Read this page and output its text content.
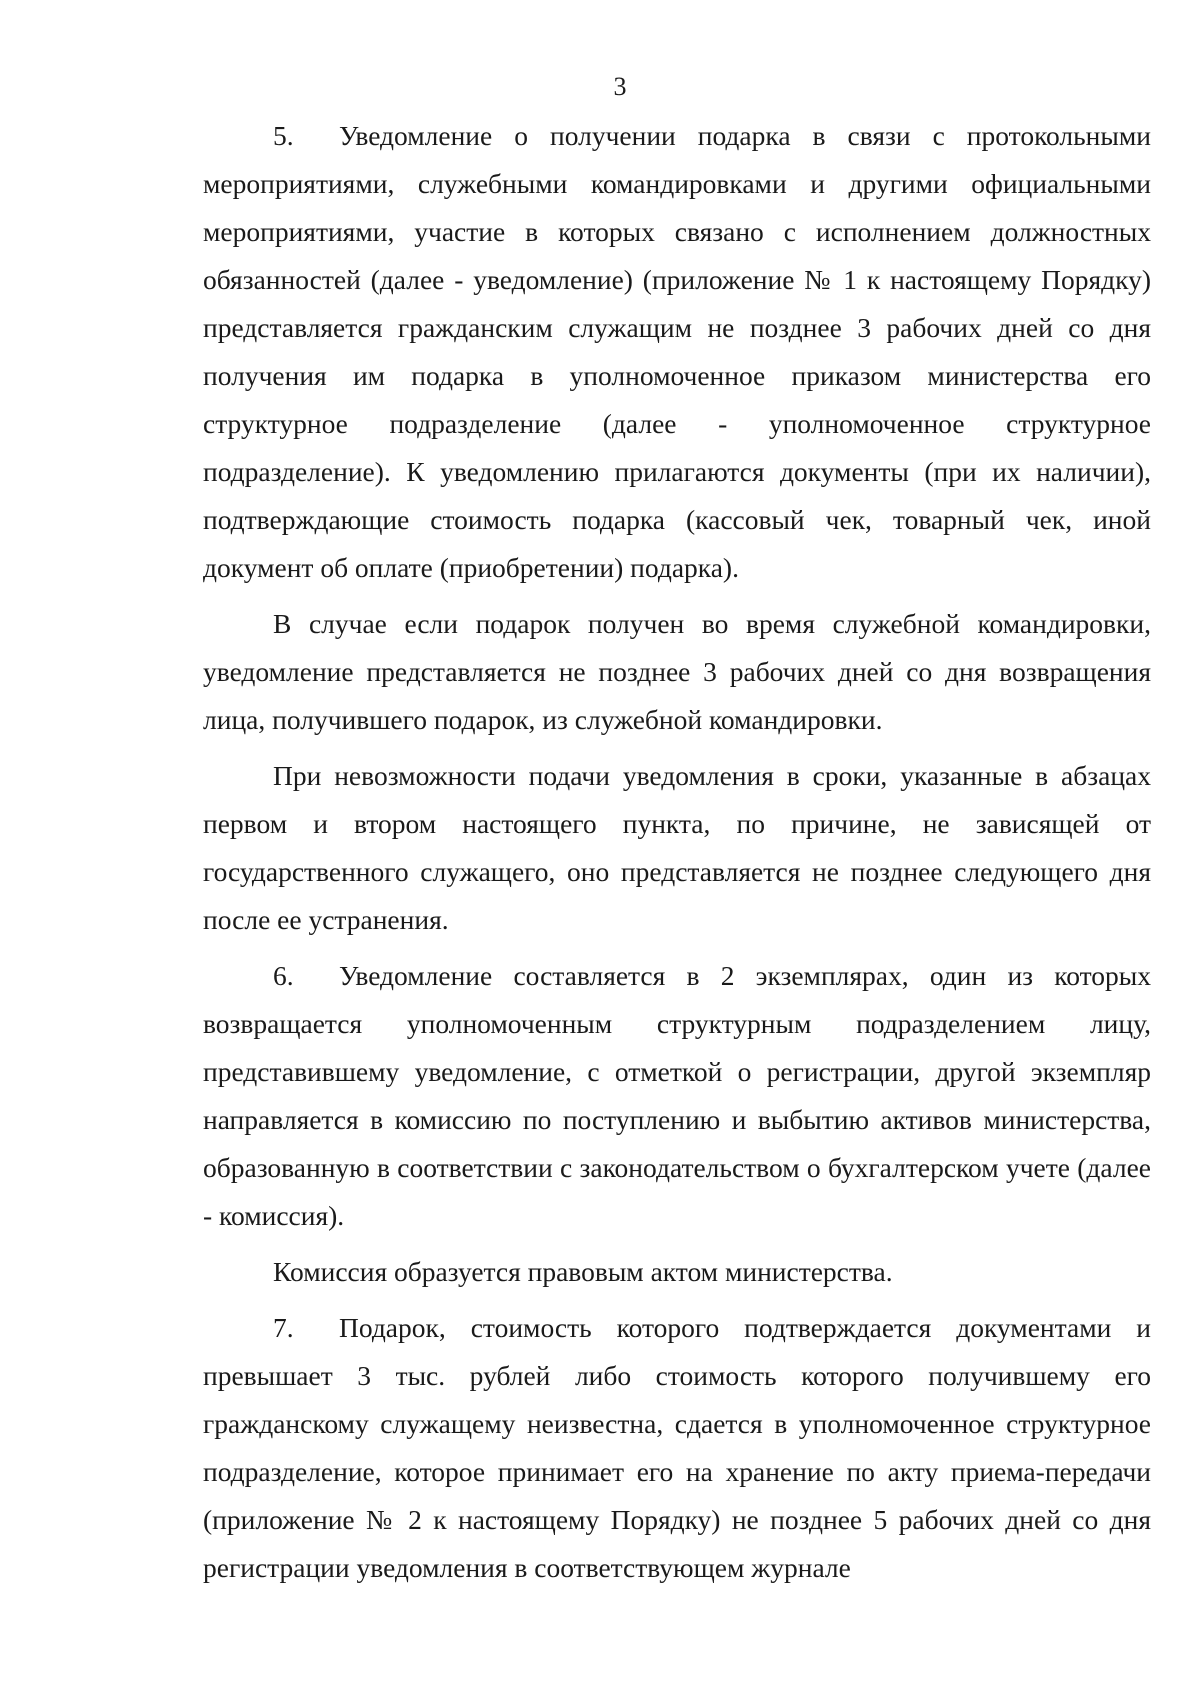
3

5. Уведомление о получении подарка в связи с протокольными мероприятиями, служебными командировками и другими официальными мероприятиями, участие в которых связано с исполнением должностных обязанностей (далее - уведомление) (приложение № 1 к настоящему Порядку) представляется гражданским служащим не позднее 3 рабочих дней со дня получения им подарка в уполномоченное приказом министерства его структурное подразделение (далее - уполномоченное структурное подразделение). К уведомлению прилагаются документы (при их наличии), подтверждающие стоимость подарка (кассовый чек, товарный чек, иной документ об оплате (приобретении) подарка).

В случае если подарок получен во время служебной командировки, уведомление представляется не позднее 3 рабочих дней со дня возвращения лица, получившего подарок, из служебной командировки.

При невозможности подачи уведомления в сроки, указанные в абзацах первом и втором настоящего пункта, по причине, не зависящей от государственного служащего, оно представляется не позднее следующего дня после ее устранения.

6. Уведомление составляется в 2 экземплярах, один из которых возвращается уполномоченным структурным подразделением лицу, представившему уведомление, с отметкой о регистрации, другой экземпляр направляется в комиссию по поступлению и выбытию активов министерства, образованную в соответствии с законодательством о бухгалтерском учете (далее - комиссия).

Комиссия образуется правовым актом министерства.

7. Подарок, стоимость которого подтверждается документами и превышает 3 тыс. рублей либо стоимость которого получившему его гражданскому служащему неизвестна, сдается в уполномоченное структурное подразделение, которое принимает его на хранение по акту приема-передачи (приложение № 2 к настоящему Порядку) не позднее 5 рабочих дней со дня регистрации уведомления в соответствующем журнале
